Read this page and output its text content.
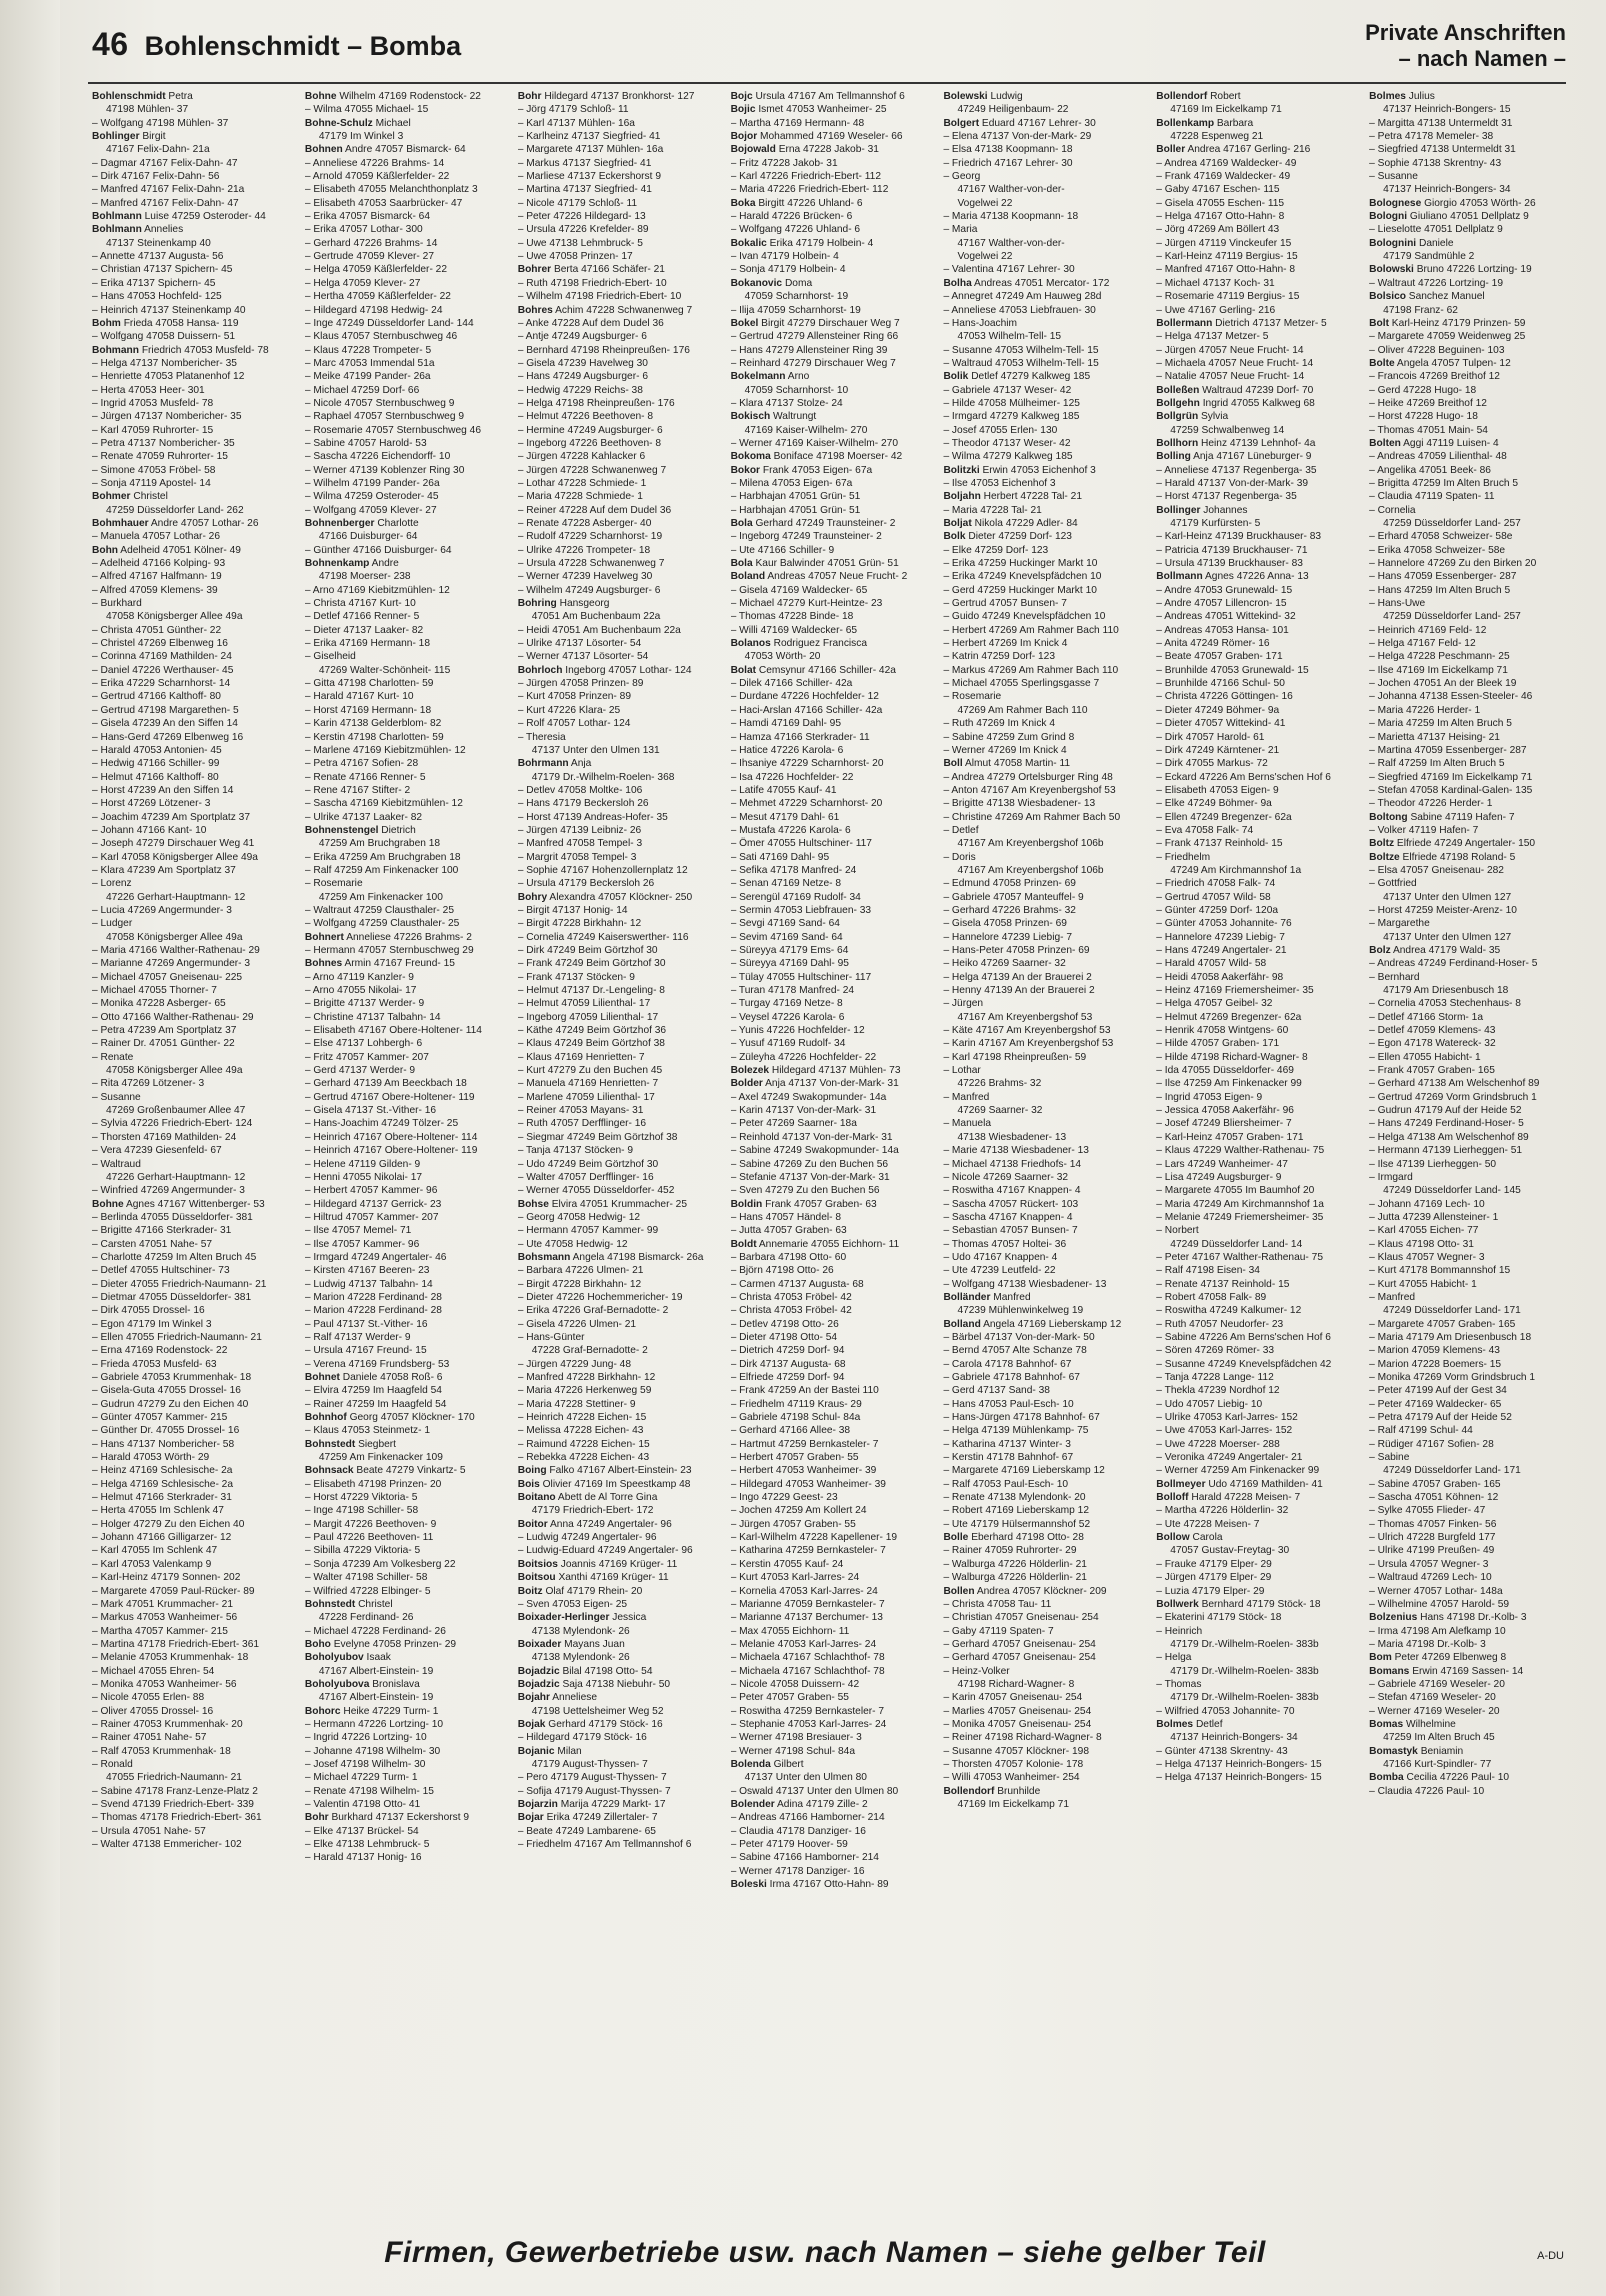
46 Bohlenschmidt – Bomba	Private Anschriften
– nach Namen –
Bohlenschmidt Petra
47198 Mühlen- 37
– Wolfgang 47198 Mühlen- 37
Bohlinger Birgit
47167 Felix-Dahn- 21a
– Dagmar 47167 Felix-Dahn- 47
– Dirk 47167 Felix-Dahn- 56
– Manfred 47167 Felix-Dahn- 21a
– Manfred 47167 Felix-Dahn- 47
Bohlmann Luise 47259 Osteroder- 44
Bohlmann Annelies
47137 Steinenkamp 40
– Annette 47137 Augusta- 56
– Christian 47137 Spichern- 45
– Erika 47137 Spichern- 45
– Hans 47053 Hochfeld- 125
– Heinrich 47137 Steinenkamp 40
Bohm Frieda 47058 Hansa- 119
– Wolfgang 47058 Duissern- 51
Bohmann Friedrich 47053 Musfeld- 78
– Helga 47137 Nombericher- 35
– Henriette 47053 Platanenhof 12
– Herta 47053 Heer- 301
– Ingrid 47053 Musfeld- 78
– Jürgen 47137 Nombericher- 35
– Karl 47059 Ruhrorter- 15
– Petra 47137 Nombericher- 35
– Renate 47059 Ruhrorter- 15
– Simone 47053 Fröbel- 58
– Sonja 47119 Apostel- 14
Bohmer Christel
47259 Düsseldorfer Land- 262
Bohmhauer Andre 47057 Lothar- 26
– Manuela 47057 Lothar- 26
Bohn Adelheid 47051 Kölner- 49
– Adelheid 47166 Kolping- 93
– Alfred 47167 Halfmann- 19
– Alfred 47059 Klemens- 39
– Burkhard
47058 Königsberger Allee 49a
– Christa 47051 Günther- 22
– Christel 47269 Elbenweg 16
– Corinna 47169 Mathilden- 24
– Daniel 47226 Werthauser- 45
– Erika 47229 Scharnhorst- 14
– Gertrud 47166 Kalthoff- 80
– Gertrud 47198 Margarethen- 5
– Gisela 47239 An den Siffen 14
– Hans-Gerd 47269 Elbenweg 16
– Harald 47053 Antonien- 45
– Hedwig 47166 Schiller- 99
– Helmut 47166 Kalthoff- 80
– Horst 47239 An den Siffen 14
– Horst 47269 Lötzener- 3
– Joachim 47239 Am Sportplatz 37
– Johann 47166 Kant- 10
– Joseph 47279 Dirschauer Weg 41
– Karl 47058 Königsberger Allee 49a
– Klara 47239 Am Sportplatz 37
– Lorenz
47226 Gerhart-Hauptmann- 12
– Lucia 47269 Angermunder- 3
– Ludger
47058 Königsberger Allee 49a
– Maria 47166 Walther-Rathenau- 29
– Marianne 47269 Angermunder- 3
– Michael 47057 Gneisenau- 225
– Michael 47055 Thorner- 7
– Monika 47228 Asberger- 65
– Otto 47166 Walther-Rathenau- 29
– Petra 47239 Am Sportplatz 37
– Rainer Dr. 47051 Günther- 22
– Renate
47058 Königsberger Allee 49a
– Rita 47269 Lötzener- 3
– Susanne
47269 Großenbaumer Allee 47
– Sylvia 47226 Friedrich-Ebert- 124
– Thorsten 47169 Mathilden- 24
– Vera 47239 Giesenfeld- 67
– Waltraud
47226 Gerhart-Hauptmann- 12
– Winfried 47269 Angermunder- 3
Bohne Agnes 47167 Wittenberger- 53
– Berlinda 47055 Düsseldorfer- 381
– Brigitte 47166 Sterkrader- 31
– Carsten 47051 Nahe- 57
– Charlotte 47259 Im Alten Bruch 45
– Detlef 47055 Hultschiner- 73
– Dieter 47055 Friedrich-Naumann- 21
– Dietmar 47055 Düsseldorfer- 381
– Dirk 47055 Drossel- 16
– Egon 47179 Im Winkel 3
– Ellen 47055 Friedrich-Naumann- 21
– Erna 47169 Rodenstock- 22
– Frieda 47053 Musfeld- 63
– Gabriele 47053 Krummenhak- 18
– Gisela-Guta 47055 Drossel- 16
– Gudrun 47279 Zu den Eichen 40
– Günter 47057 Kammer- 215
– Günther Dr. 47055 Drossel- 16
– Hans 47137 Nombericher- 58
– Harald 47053 Wörth- 29
– Heinz 47169 Schlesische- 2a
– Helga 47169 Schlesische- 2a
– Helmut 47166 Sterkrader- 31
– Herta 47055 Im Schlenk 47
– Holger 47279 Zu den Eichen 40
– Johann 47166 Gilligarzer- 12
– Karl 47055 Im Schlenk 47
– Karl 47053 Valenkamp 9
– Karl-Heinz 47179 Sonnen- 202
– Margarete 47059 Paul-Rücker- 89
– Mark 47051 Krummacher- 21
– Markus 47053 Wanheimer- 56
– Martha 47057 Kammer- 215
– Martina 47178 Friedrich-Ebert- 361
– Melanie 47053 Krummenhak- 18
– Michael 47055 Ehren- 54
– Monika 47053 Wanheimer- 56
– Nicole 47055 Erlen- 88
– Oliver 47055 Drossel- 16
– Rainer 47053 Krummenhak- 20
– Rainer 47051 Nahe- 57
– Ralf 47053 Krummenhak- 18
– Ronald
47055 Friedrich-Naumann- 21
– Sabine 47178 Franz-Lenze-Platz 2
– Svend 47139 Friedrich-Ebert- 339
– Thomas 47178 Friedrich-Ebert- 361
– Ursula 47051 Nahe- 57
– Walter 47138 Emmericher- 102
Bohne Wilhelm 47169 Rodenstock- 22
– Wilma 47055 Michael- 15
Bohne-Schulz Michael
47179 Im Winkel 3
Bohnen Andre 47057 Bismarck- 64
– Anneliese 47226 Brahms- 14
– Arnold 47059 Käßlerfelder- 22
– Elisabeth 47055 Melanchthonplatz 3
– Elisabeth 47053 Saarbrücker- 47
– Erika 47057 Bismarck- 64
– Erika 47057 Lothar- 300
– Gerhard 47226 Brahms- 14
– Gertrude 47059 Klever- 27
– Helga 47059 Käßlerfelder- 22
– Helga 47059 Klever- 27
– Hertha 47059 Käßlerfelder- 22
– Hildegard 47198 Hedwig- 24
– Inge 47249 Düsseldorfer Land- 144
– Klaus 47057 Sternbuschweg 46
– Klaus 47228 Trompeter- 5
– Marc 47053 Immendal 51a
– Meike 47199 Pander- 26a
– Michael 47259 Dorf- 66
– Nicole 47057 Sternbuschweg 9
– Raphael 47057 Sternbuschweg 9
– Rosemarie 47057 Sternbuschweg 46
– Sabine 47057 Harold- 53
– Sascha 47226 Eichendorff- 10
– Werner 47139 Koblenzer Ring 30
– Wilhelm 47199 Pander- 26a
– Wilma 47259 Osteroder- 45
– Wolfgang 47059 Klever- 27
Bohnenberger Charlotte
47166 Duisburger- 64
– Günther 47166 Duisburger- 64
Bohnenkamp Andre
47198 Moerser- 238
– Arno 47169 Kiebitzmühlen- 12
– Christa 47167 Kurt- 10
– Detlef 47166 Renner- 5
– Dieter 47137 Laaker- 82
– Erika 47169 Hermann- 18
– Giselheid
47269 Walter-Schönheit- 115
– Gitta 47198 Charlotten- 59
– Harald 47167 Kurt- 10
– Horst 47169 Hermann- 18
– Karin 47138 Gelderblom- 82
– Kerstin 47198 Charlotten- 59
– Marlene 47169 Kiebitzmühlen- 12
– Petra 47167 Sofien- 28
– Renate 47166 Renner- 5
– Rene 47167 Stifter- 2
– Sascha 47169 Kiebitzmühlen- 12
– Ulrike 47137 Laaker- 82
Bohnenstengel Dietrich
47259 Am Bruchgraben 18
– Erika 47259 Am Bruchgraben 18
– Ralf 47259 Am Finkenacker 100
– Rosemarie
47259 Am Finkenacker 100
– Waltraut 47259 Clausthaler- 25
– Wolfgang 47259 Clausthaler- 25
Bohnert Anneliese 47226 Brahms- 2
– Hermann 47057 Sternbuschweg 29
Bohnes Armin 47167 Freund- 15
– Arno 47119 Kanzler- 9
– Arno 47055 Nikolai- 17
– Brigitte 47137 Werder- 9
– Christine 47137 Talbahn- 14
– Elisabeth 47167 Obere-Holtener- 114
– Else 47137 Lohbergh- 6
– Fritz 47057 Kammer- 207
– Gerd 47137 Werder- 9
– Gerhard 47139 Am Beeckbach 18
– Gertrud 47167 Obere-Holtener- 119
– Gisela 47137 St.-Vither- 16
– Hans-Joachim 47249 Tölzer- 25
– Heinrich 47167 Obere-Holtener- 114
– Heinrich 47167 Obere-Holtener- 119
– Helene 47119 Gilden- 9
– Henni 47055 Nikolai- 17
– Herbert 47057 Kammer- 96
– Hildegard 47137 Gerrick- 23
– Hiltrud 47057 Kammer- 207
– Ilse 47057 Memel- 71
– Ilse 47057 Kammer- 96
– Irmgard 47249 Angertaler- 46
– Kirsten 47167 Beeren- 23
– Ludwig 47137 Talbahn- 14
– Marion 47228 Ferdinand- 28
– Marion 47228 Ferdinand- 28
– Paul 47137 St.-Vither- 16
– Ralf 47137 Werder- 9
– Ursula 47167 Freund- 15
– Verena 47169 Frundsberg- 53
Bohnet Daniele 47058 Roß- 6
– Elvira 47259 Im Haagfeld 54
– Rainer 47259 Im Haagfeld 54
Bohnhof Georg 47057 Klöckner- 170
– Klaus 47053 Steinmetz- 1
Bohnstedt Siegbert
47259 Am Finkenacker 109
Bohnsack Beate 47279 Vinkartz- 5
– Elisabeth 47198 Prinzen- 20
– Horst 47229 Viktoria- 5
– Inge 47198 Schiller- 58
– Margit 47226 Beethoven- 9
– Paul 47226 Beethoven- 11
– Sibilla 47229 Viktoria- 5
– Sonja 47239 Am Volkesberg 22
– Walter 47198 Schiller- 58
– Wilfried 47228 Elbinger- 5
Bohnstedt Christel
47228 Ferdinand- 26
– Michael 47228 Ferdinand- 26
Boho Evelyne 47058 Prinzen- 29
Boholyubov Isaak
47167 Albert-Einstein- 19
Boholyubova Bronislava
47167 Albert-Einstein- 19
Bohorc Heike 47229 Turm- 1
– Hermann 47226 Lortzing- 10
– Ingrid 47226 Lortzing- 10
– Johanne 47198 Wilhelm- 30
– Josef 47198 Wilhelm- 30
– Michael 47229 Turm- 1
– Renate 47198 Wilhelm- 15
– Valentin 47198 Otto- 41
Bohr Burkhard 47137 Eckershorst 9
– Elke 47137 Brückel- 54
– Elke 47138 Lehmbruck- 5
– Harald 47137 Honig- 16
Bohr Hildegard 47137 Bronkhorst- 127
– Jörg 47179 Schloß- 11
– Karl 47137 Mühlen- 16a
– Karlheinz 47137 Siegfried- 41
– Margarete 47137 Mühlen- 16a
– Markus 47137 Siegfried- 41
– Marliese 47137 Eckershorst 9
– Martina 47137 Siegfried- 41
– Nicole 47179 Schloß- 11
– Peter 47226 Hildegard- 13
– Ursula 47226 Krefelder- 89
– Uwe 47138 Lehmbruck- 5
– Uwe 47058 Prinzen- 17
Bohrer Berta 47166 Schäfer- 21
– Ruth 47198 Friedrich-Ebert- 10
– Wilhelm 47198 Friedrich-Ebert- 10
Bohres Achim 47228 Schwanenweg 7
– Anke 47228 Auf dem Dudel 36
– Antje 47249 Augsburger- 6
– Bernhard 47198 Rheinpreußen- 176
– Gisela 47239 Havelweg 30
– Hans 47249 Augsburger- 6
– Hedwig 47229 Reichs- 38
– Helga 47198 Rheinpreußen- 176
– Helmut 47226 Beethoven- 8
– Hermine 47249 Augsburger- 6
– Ingeborg 47226 Beethoven- 8
– Jürgen 47228 Kahlacker 6
– Jürgen 47228 Schwanenweg 7
– Lothar 47228 Schmiede- 1
– Maria 47228 Schmiede- 1
– Reiner 47228 Auf dem Dudel 36
– Renate 47228 Asberger- 40
– Rudolf 47229 Scharnhorst- 19
– Ulrike 47226 Trompeter- 18
– Ursula 47228 Schwanenweg 7
– Werner 47239 Havelweg 30
– Wilhelm 47249 Augsburger- 6
Bohring Hansgeorg
47051 Am Buchenbaum 22a
– Heidi 47051 Am Buchenbaum 22a
– Ulrike 47137 Lösorter- 54
– Werner 47137 Lösorter- 54
Bohrloch Ingeborg 47057 Lothar- 124
– Jürgen 47058 Prinzen- 89
– Kurt 47058 Prinzen- 89
– Kurt 47226 Klara- 25
– Rolf 47057 Lothar- 124
– Theresia
47137 Unter den Ulmen 131
Bohrmann Anja
47179 Dr.-Wilhelm-Roelen- 368
– Detlev 47058 Moltke- 106
– Hans 47179 Beckersloh 26
– Horst 47139 Andreas-Hofer- 35
– Jürgen 47139 Leibniz- 26
– Manfred 47058 Tempel- 3
– Margrit 47058 Tempel- 3
– Sophie 47167 Hohenzollernplatz 12
– Ursula 47179 Beckersloh 26
Bohry Alexandra 47057 Klöckner- 250
– Birgit 47137 Honig- 14
– Birgit 47228 Birkhahn- 12
– Cornelia 47249 Kaiserswerther- 116
– Dirk 47249 Beim Görtzhof 30
– Frank 47249 Beim Görtzhof 30
– Frank 47137 Stöcken- 9
– Helmut 47137 Dr.-Lengeling- 8
– Helmut 47059 Lilienthal- 17
– Ingeborg 47059 Lilienthal- 17
– Käthe 47249 Beim Görtzhof 36
– Klaus 47249 Beim Görtzhof 38
– Klaus 47169 Henrietten- 7
– Kurt 47279 Zu den Buchen 45
– Manuela 47169 Henrietten- 7
– Marlene 47059 Lilienthal- 17
– Reiner 47053 Mayans- 31
– Ruth 47057 Derfflinger- 16
– Siegmar 47249 Beim Görtzhof 38
– Tanja 47137 Stöcken- 9
– Udo 47249 Beim Görtzhof 30
– Walter 47057 Derfflinger- 16
– Werner 47055 Düsseldorfer- 452
Bohse Elvira 47051 Krummacher- 25
– Georg 47058 Hedwig- 12
– Hermann 47057 Kammer- 99
– Ute 47058 Hedwig- 12
Bohsmann Angela 47198 Bismarck- 26a
– Barbara 47226 Ulmen- 21
– Birgit 47228 Birkhahn- 12
– Dieter 47226 Hochemmericher- 19
– Erika 47226 Graf-Bernadotte- 2
– Gisela 47226 Ulmen- 21
– Hans-Günter
47228 Graf-Bernadotte- 2
– Jürgen 47229 Jung- 48
– Manfred 47228 Birkhahn- 12
– Maria 47226 Herkenweg 59
– Maria 47228 Stettiner- 9
– Heinrich 47228 Eichen- 15
– Melissa 47228 Eichen- 43
– Raimund 47228 Eichen- 15
– Rebekka 47228 Eichen- 43
Boing Falko 47167 Albert-Einstein- 23
Bois Olivier 47169 Im Speestkamp 48
Boitano Abett de Al Torre Gina
47179 Friedrich-Ebert- 172
Boitor Anna 47249 Angertaler- 96
– Ludwig 47249 Angertaler- 96
– Ludwig-Eduard 47249 Angertaler- 96
Boitsios Joannis 47169 Krüger- 11
Boitsou Xanthi 47169 Krüger- 11
Boitz Olaf 47179 Rhein- 20
– Sven 47053 Eigen- 25
Boixader-Herlinger Jessica
47138 Mylendonk- 26
Boixader Mayans Juan
47138 Mylendonk- 26
Bojadzic Bilal 47198 Otto- 54
Bojadzic Saja 47138 Niebuhr- 50
Bojahr Anneliese
47198 Uettelsheimer Weg 52
Bojak Gerhard 47179 Stöck- 16
– Hildegard 47179 Stöck- 16
Bojanic Milan
47179 August-Thyssen- 7
– Pero 47179 August-Thyssen- 7
– Sofija 47179 August-Thyssen- 7
Bojarzin Marija 47229 Markt- 17
Bojar Erika 47249 Zillertaler- 7
– Beate 47249 Lambarene- 65
– Friedhelm 47167 Am Tellmannshof 6
Bojc Ursula 47167 Am Tellmannshof 6
Bojic Ismet 47053 Wanheimer- 25
– Martha 47169 Hermann- 48
Bojor Mohammed 47169 Weseler- 66
Bojowald Erna 47228 Jakob- 31
– Fritz 47228 Jakob- 31
– Karl 47226 Friedrich-Ebert- 112
– Maria 47226 Friedrich-Ebert- 112
Boka Birgitt 47226 Uhland- 6
– Harald 47226 Brücken- 6
– Wolfgang 47226 Uhland- 6
Bokalic Erika 47179 Holbein- 4
– Ivan 47179 Holbein- 4
– Sonja 47179 Holbein- 4
Bokanovic Doma
47059 Scharnhorst- 19
– Ilija 47059 Scharnhorst- 19
Bokel Birgit 47279 Dirschauer Weg 7
– Gertrud 47279 Allensteiner Ring 66
– Hans 47279 Allensteiner Ring 39
– Reinhard 47279 Dirschauer Weg 7
Bokelmann Arno
47059 Scharnhorst- 10
– Klara 47137 Stolze- 24
Bokisch Waltrungt
47169 Kaiser-Wilhelm- 270
– Werner 47169 Kaiser-Wilhelm- 270
Bokoma Boniface 47198 Moerser- 42
Bokor Frank 47053 Eigen- 67a
– Milena 47053 Eigen- 67a
– Harbhajan 47051 Grün- 51
– Harbhajan 47051 Grün- 51
Bola Gerhard 47249 Traunsteiner- 2
– Ingeborg 47249 Traunsteiner- 2
– Ute 47166 Schiller- 9
Bola Kaur Balwinder 47051 Grün- 51
Boland Andreas 47057 Neue Frucht- 2
– Gisela 47169 Waldecker- 65
– Michael 47279 Kurt-Heintze- 23
– Thomas 47228 Binde- 18
– Willi 47169 Waldecker- 65
Bolanos Rodriguez Francisca
47053 Wörth- 20
Bolat Cemsynur 47166 Schiller- 42a
– Dilek 47166 Schiller- 42a
– Durdane 47226 Hochfelder- 12
– Haci-Arslan 47166 Schiller- 42a
– Hamdi 47169 Dahl- 95
– Hamza 47166 Sterkrader- 11
– Hatice 47226 Karola- 6
– Ihsaniye 47229 Scharnhorst- 20
– Isa 47226 Hochfelder- 22
– Latife 47055 Kauf- 41
– Mehmet 47229 Scharnhorst- 20
– Mesut 47179 Dahl- 61
– Mustafa 47226 Karola- 6
– Ömer 47055 Hultschiner- 117
– Sati 47169 Dahl- 95
– Sefika 47178 Manfred- 24
– Senan 47169 Netze- 8
– Serengül 47169 Rudolf- 34
– Sermin 47053 Liebfrauen- 33
– Sevgi 47169 Sand- 64
– Sevim 47169 Sand- 64
– Süreyya 47179 Ems- 64
– Süreyya 47169 Dahl- 95
– Tülay 47055 Hultschiner- 117
– Turan 47178 Manfred- 24
– Turgay 47169 Netze- 8
– Veysel 47226 Karola- 6
– Yunis 47226 Hochfelder- 12
– Yusuf 47169 Rudolf- 34
– Züleyha 47226 Hochfelder- 22
Bolezek Hildegard 47137 Mühlen- 73
Bolder Anja 47137 Von-der-Mark- 31
– Axel 47249 Swakopmunder- 14a
– Karin 47137 Von-der-Mark- 31
– Peter 47269 Saarner- 18a
– Reinhold 47137 Von-der-Mark- 31
– Sabine 47249 Swakopmunder- 14a
– Sabine 47269 Zu den Buchen 56
– Stefanie 47137 Von-der-Mark- 31
– Sven 47279 Zu den Buchen 56
Boldin Frank 47057 Graben- 63
– Hans 47057 Händel- 8
– Jutta 47057 Graben- 63
Boldt Annemarie 47055 Eichhorn- 11
– Barbara 47198 Otto- 60
– Björn 47198 Otto- 26
– Carmen 47137 Augusta- 68
– Christa 47053 Fröbel- 42
– Christa 47053 Fröbel- 42
– Detlev 47198 Otto- 26
– Dieter 47198 Otto- 54
– Dietrich 47259 Dorf- 94
– Dirk 47137 Augusta- 68
– Elfriede 47259 Dorf- 94
– Frank 47259 An der Bastei 110
– Friedhelm 47119 Kraus- 29
– Gabriele 47198 Schul- 84a
– Gerhard 47166 Allee- 38
– Hartmut 47259 Bernkasteler- 7
– Herbert 47057 Graben- 55
– Herbert 47053 Wanheimer- 39
– Hildegard 47053 Wanheimer- 39
– Ingo 47229 Geest- 23
– Jochen 47259 Am Kollert 24
– Jürgen 47057 Graben- 55
– Karl-Wilhelm 47228 Kapellener- 19
– Katharina 47259 Bernkasteler- 7
– Kerstin 47055 Kauf- 24
– Kurt 47053 Karl-Jarres- 24
– Kornelia 47053 Karl-Jarres- 24
– Marianne 47059 Bernkasteler- 7
– Marianne 47137 Berchumer- 13
– Max 47055 Eichhorn- 11
– Melanie 47053 Karl-Jarres- 24
– Michaela 47167 Schlachthof- 78
– Michaela 47167 Schlachthof- 78
– Nicole 47058 Duissern- 42
– Peter 47057 Graben- 55
– Roswitha 47259 Bernkasteler- 7
– Stephanie 47053 Karl-Jarres- 24
– Werner 47198 Bresiauer- 3
– Werner 47198 Schul- 84a
Bolenda Gilbert
47137 Unter den Ulmen 80
– Oswald 47137 Unter den Ulmen 80
Bolender Adina 47179 Zille- 2
– Andreas 47166 Hamborner- 214
– Claudia 47178 Danziger- 16
– Peter 47179 Hoover- 59
– Sabine 47166 Hamborner- 214
– Werner 47178 Danziger- 16
Boleski Irma 47167 Otto-Hahn- 89
Bolewski Ludwig
47249 Heiligenbaum- 22
Bolgert Eduard 47167 Lehrer- 30
– Elena 47137 Von-der-Mark- 29
– Elsa 47138 Koopmann- 18
– Friedrich 47167 Lehrer- 30
– Georg
47167 Walther-von-der-
Vogelwei 22
– Maria 47138 Koopmann- 18
– Maria
47167 Walther-von-der-
Vogelwei 22
– Valentina 47167 Lehrer- 30
Bolha Andreas 47051 Mercator- 172
– Annegret 47249 Am Hauweg 28d
– Anneliese 47053 Liebfrauen- 30
– Hans-Joachim
47053 Wilhelm-Tell- 15
– Susanne 47053 Wilhelm-Tell- 15
– Waltraud 47053 Wilhelm-Tell- 15
Bolik Detlef 47279 Kalkweg 185
– Gabriele 47137 Weser- 42
– Hilde 47058 Mülheimer- 125
– Irmgard 47279 Kalkweg 185
– Josef 47055 Erlen- 130
– Theodor 47137 Weser- 42
– Wilma 47279 Kalkweg 185
Bolitzki Erwin 47053 Eichenhof 3
– Ilse 47053 Eichenhof 3
Boljahn Herbert 47228 Tal- 21
– Maria 47228 Tal- 21
Boljat Nikola 47229 Adler- 84
Bolk Dieter 47259 Dorf- 123
– Elke 47259 Dorf- 123
– Erika 47259 Huckinger Markt 10
– Erika 47249 Knevelspfädchen 10
– Gerd 47259 Huckinger Markt 10
– Gertrud 47057 Bunsen- 7
– Guido 47249 Knevelspfädchen 10
– Herbert 47269 Am Rahmer Bach 110
– Herbert 47269 Im Knick 4
– Katrin 47259 Dorf- 123
– Markus 47269 Am Rahmer Bach 110
– Michael 47055 Sperlingsgasse 7
– Rosemarie
47269 Am Rahmer Bach 110
– Ruth 47269 Im Knick 4
– Sabine 47259 Zum Grind 8
– Werner 47269 Im Knick 4
Boll Almut 47058 Martin- 11
– Andrea 47279 Ortelsburger Ring 48
– Anton 47167 Am Kreyenbergshof 53
– Brigitte 47138 Wiesbadener- 13
– Christine 47269 Am Rahmer Bach 50
– Detlef
47167 Am Kreyenbergshof 106b
– Doris
47167 Am Kreyenbergshof 106b
– Edmund 47058 Prinzen- 69
– Gabriele 47057 Manteuffel- 9
– Gerhard 47226 Brahms- 32
– Gisela 47058 Prinzen- 69
– Hannelore 47239 Liebig- 7
– Hans-Peter 47058 Prinzen- 69
– Heiko 47269 Saarner- 32
– Helga 47139 An der Brauerei 2
– Henny 47139 An der Brauerei 2
– Jürgen
47167 Am Kreyenbergshof 53
– Käte 47167 Am Kreyenbergshof 53
– Karin 47167 Am Kreyenbergshof 53
– Karl 47198 Rheinpreußen- 59
– Lothar
47226 Brahms- 32
– Manfred
47269 Saarner- 32
– Manuela
47138 Wiesbadener- 13
– Marie 47138 Wiesbadener- 13
– Michael 47138 Friedhofs- 14
– Nicole 47269 Saarner- 32
– Roswitha 47167 Knappen- 4
– Sascha 47057 Rückert- 103
– Sascha 47167 Knappen- 4
– Sebastian 47057 Bunsen- 7
– Thomas 47057 Holtei- 36
– Udo 47167 Knappen- 4
– Ute 47239 Leutfeld- 22
– Wolfgang 47138 Wiesbadener- 13
Bolländer Manfred
47239 Mühlenwinkelweg 19
Bolland Angela 47169 Lieberskamp 12
– Bärbel 47137 Von-der-Mark- 50
– Bernd 47057 Alte Schanze 78
– Carola 47178 Bahnhof- 67
– Gabriele 47178 Bahnhof- 67
– Gerd 47137 Sand- 38
– Hans 47053 Paul-Esch- 10
– Hans-Jürgen 47178 Bahnhof- 67
– Helga 47139 Mühlenkamp- 75
– Katharina 47137 Winter- 3
– Kerstin 47178 Bahnhof- 67
– Margarete 47169 Lieberskamp 12
– Ralf 47053 Paul-Esch- 10
– Renate 47138 Mylendonk- 20
– Robert 47169 Lieberskamp 12
– Ute 47179 Hülsermannshof 52
Bolle Eberhard 47198 Otto- 28
– Rainer 47059 Ruhrorter- 29
– Walburga 47226 Hölderlin- 21
– Walburga 47226 Hölderlin- 21
Bollen Andrea 47057 Klöckner- 209
– Christa 47058 Tau- 11
– Christian 47057 Gneisenau- 254
– Gaby 47119 Spaten- 7
– Gerhard 47057 Gneisenau- 254
– Gerhard 47057 Gneisenau- 254
– Heinz-Volker
47198 Richard-Wagner- 8
– Karin 47057 Gneisenau- 254
– Marlies 47057 Gneisenau- 254
– Monika 47057 Gneisenau- 254
– Reiner 47198 Richard-Wagner- 8
– Susanne 47057 Klöckner- 198
– Thorsten 47057 Kolonie- 178
– Willi 47053 Wanheimer- 254
Bollendorf Brunhilde
47169 Im Eickelkamp 71
Bollendorf Robert
47169 Im Eickelkamp 71
Bollenkamp Barbara
47228 Espenweg 21
Boller Andrea 47167 Gerling- 216
– Andrea 47169 Waldecker- 49
– Frank 47169 Waldecker- 49
– Gaby 47167 Eschen- 115
– Gisela 47055 Eschen- 115
– Helga 47167 Otto-Hahn- 8
– Jörg 47269 Am Böllert 43
– Jürgen 47119 Vinckeufer 15
– Karl-Heinz 47119 Bergius- 15
– Manfred 47167 Otto-Hahn- 8
– Michael 47137 Koch- 31
– Rosemarie 47119 Bergius- 15
– Uwe 47167 Gerling- 216
Bollermann Dietrich 47137 Metzer- 5
– Helga 47137 Metzer- 5
– Jürgen 47057 Neue Frucht- 14
– Michaela 47057 Neue Frucht- 14
– Natalie 47057 Neue Frucht- 14
Bolleßen Waltraud 47239 Dorf- 70
Bollgehn Ingrid 47055 Kalkweg 68
Bollgrün Sylvia
47259 Schwalbenweg 14
Bollhorn Heinz 47139 Lehnhof- 4a
Bolling Anja 47167 Lüneburger- 9
– Anneliese 47137 Regenberga- 35
– Harald 47137 Von-der-Mark- 39
– Horst 47137 Regenberga- 35
Bollinger Johannes
47179 Kurfürsten- 5
– Karl-Heinz 47139 Bruckhauser- 83
– Patricia 47139 Bruckhauser- 71
– Ursula 47139 Bruckhauser- 83
Bollmann Agnes 47226 Anna- 13
– Andre 47053 Grunewald- 15
– Andre 47057 Lillencron- 15
– Andreas 47051 Wittekind- 32
– Andreas 47053 Hansa- 101
– Anita 47249 Römer- 16
– Beate 47057 Graben- 171
– Brunhilde 47053 Grunewald- 15
– Brunhilde 47166 Schul- 50
– Christa 47226 Göttingen- 16
– Dieter 47249 Böhmer- 9a
– Dieter 47057 Wittekind- 41
– Dirk 47057 Harold- 61
– Dirk 47249 Kärntener- 21
– Dirk 47055 Markus- 72
– Eckard 47226 Am Berns'schen Hof 6
– Elisabeth 47053 Eigen- 9
– Elke 47249 Böhmer- 9a
– Ellen 47249 Bregenzer- 62a
– Eva 47058 Falk- 74
– Frank 47137 Reinhold- 15
– Friedhelm
47249 Am Kirchmannshof 1a
– Friedrich 47058 Falk- 74
– Gertrud 47057 Wild- 58
– Günter 47259 Dorf- 120a
– Günter 47053 Johannite- 76
– Hannelore 47239 Liebig- 7
– Hans 47249 Angertaler- 21
– Harald 47057 Wild- 58
– Heidi 47058 Aakerfähr- 98
– Heinz 47169 Friemersheimer- 35
– Helga 47057 Geibel- 32
– Helmut 47269 Bregenzer- 62a
– Henrik 47058 Wintgens- 60
– Hilde 47057 Graben- 171
– Hilde 47198 Richard-Wagner- 8
– Ida 47055 Düsseldorfer- 469
– Ilse 47259 Am Finkenacker 99
– Ingrid 47053 Eigen- 9
– Jessica 47058 Aakerfähr- 96
– Josef 47249 Bliersheimer- 7
– Karl-Heinz 47057 Graben- 171
– Klaus 47229 Walther-Rathenau- 75
– Lars 47249 Wanheimer- 47
– Lisa 47249 Augsburger- 9
– Margarete 47055 Im Baumhof 20
– Maria 47249 Am Kirchmannshof 1a
– Melanie 47249 Friemersheimer- 35
– Norbert
47249 Düsseldorfer Land- 14
– Peter 47167 Walther-Rathenau- 75
– Ralf 47198 Eisen- 34
– Renate 47137 Reinhold- 15
– Robert 47058 Falk- 89
– Roswitha 47249 Kalkumer- 12
– Ruth 47057 Neudorfer- 23
– Sabine 47226 Am Berns'schen Hof 6
– Sören 47269 Römer- 33
– Susanne 47249 Knevelspfädchen 42
– Tanja 47228 Lange- 112
– Thekla 47239 Nordhof 12
– Udo 47057 Liebig- 10
– Ulrike 47053 Karl-Jarres- 152
– Uwe 47053 Karl-Jarres- 152
– Uwe 47228 Moerser- 288
– Veronika 47249 Angertaler- 21
– Werner 47259 Am Finkenacker 99
Bollmeyer Udo 47169 Mathilden- 41
Bolloff Harald 47228 Meisen- 7
– Martha 47226 Hölderlin- 32
– Ute 47228 Meisen- 7
Bollow Carola
47057 Gustav-Freytag- 30
– Frauke 47179 Elper- 29
– Jürgen 47179 Elper- 29
– Luzia 47179 Elper- 29
Bollwerk Bernhard 47179 Stöck- 18
– Ekaterini 47179 Stöck- 18
– Heinrich
47179 Dr.-Wilhelm-Roelen- 383b
– Helga
47179 Dr.-Wilhelm-Roelen- 383b
– Thomas
47179 Dr.-Wilhelm-Roelen- 383b
– Wilfried 47053 Johannite- 70
Bolmes Detlef
47137 Heinrich-Bongers- 34
– Günter 47138 Skrentny- 43
– Helga 47137 Heinrich-Bongers- 15
– Helga 47137 Heinrich-Bongers- 15
Bolmes Julius
47137 Heinrich-Bongers- 15
– Margitta 47138 Untermeldt 31
– Petra 47178 Memeler- 38
– Siegfried 47138 Untermeldt 31
– Sophie 47138 Skrentny- 43
– Susanne
47137 Heinrich-Bongers- 34
Bolognese Giorgio 47053 Wörth- 26
Bologni Giuliano 47051 Dellplatz 9
– Lieselotte 47051 Dellplatz 9
Bolognini Daniele
47179 Sandmühle 2
Bolowski Bruno 47226 Lortzing- 19
– Waltraut 47226 Lortzing- 19
Bolsico Sanchez Manuel
47198 Franz- 62
Bolt Karl-Heinz 47179 Prinzen- 59
– Margarete 47059 Weidenweg 25
– Oliver 47228 Beguinen- 103
Bolte Angela 47057 Tulpen- 12
– Francois 47269 Breithof 12
– Gerd 47228 Hugo- 18
– Heike 47269 Breithof 12
– Horst 47228 Hugo- 18
– Thomas 47051 Main- 54
Bolten Aggi 47119 Luisen- 4
– Andreas 47059 Lilienthal- 48
– Angelika 47051 Beek- 86
– Brigitta 47259 Im Alten Bruch 5
– Claudia 47119 Spaten- 11
– Cornelia
47259 Düsseldorfer Land- 257
– Erhard 47058 Schweizer- 58e
– Erika 47058 Schweizer- 58e
– Hannelore 47269 Zu den Birken 20
– Hans 47059 Essenberger- 287
– Hans 47259 Im Alten Bruch 5
– Hans-Uwe
47259 Düsseldorfer Land- 257
– Heinrich 47169 Feld- 12
– Helga 47167 Feld- 12
– Helga 47228 Peschmann- 25
– Ilse 47169 Im Eickelkamp 71
– Jochen 47051 An der Bleek 19
– Johanna 47138 Essen-Steeler- 46
– Maria 47226 Herder- 1
– Maria 47259 Im Alten Bruch 5
– Marietta 47137 Heising- 21
– Martina 47059 Essenberger- 287
– Ralf 47259 Im Alten Bruch 5
– Siegfried 47169 Im Eickelkamp 71
– Stefan 47058 Kardinal-Galen- 135
– Theodor 47226 Herder- 1
Boltong Sabine 47119 Hafen- 7
– Volker 47119 Hafen- 7
Boltz Elfriede 47249 Angertaler- 150
Boltze Elfriede 47198 Roland- 5
– Elsa 47057 Gneisenau- 282
– Gottfried
47137 Unter den Ulmen 127
– Horst 47259 Meister-Arenz- 10
– Margarethe
47137 Unter den Ulmen 127
Bolz Andrea 47179 Wald- 35
– Andreas 47249 Ferdinand-Hoser- 5
– Bernhard
47179 Am Driesenbusch 18
– Cornelia 47053 Stechenhaus- 8
– Detlef 47166 Storm- 1a
– Detlef 47059 Klemens- 43
– Egon 47178 Watereck- 32
– Ellen 47055 Habicht- 1
– Frank 47057 Graben- 165
– Gerhard 47138 Am Welschenhof 89
– Gertrud 47269 Vorm Grindsbruch 1
– Gudrun 47179 Auf der Heide 52
– Hans 47249 Ferdinand-Hoser- 5
– Helga 47138 Am Welschenhof 89
– Hermann 47139 Lierheggen- 51
– Ilse 47139 Lierheggen- 50
– Irmgard
47249 Düsseldorfer Land- 145
– Johann 47169 Lech- 10
– Jutta 47239 Allensteiner- 1
– Karl 47055 Eichen- 77
– Klaus 47198 Otto- 31
– Klaus 47057 Wegner- 3
– Kurt 47178 Bommannshof 15
– Kurt 47055 Habicht- 1
– Manfred
47249 Düsseldorfer Land- 171
– Margarete 47057 Graben- 165
– Maria 47179 Am Driesenbusch 18
– Marion 47059 Klemens- 43
– Marion 47228 Boemers- 15
– Monika 47269 Vorm Grindsbruch 1
– Peter 47199 Auf der Gest 34
– Peter 47169 Waldecker- 65
– Petra 47179 Auf der Heide 52
– Ralf 47199 Schul- 44
– Rüdiger 47167 Sofien- 28
– Sabine
47249 Düsseldorfer Land- 171
– Sabine 47057 Graben- 165
– Sascha 47051 Köhnen- 12
– Sylke 47055 Flieder- 47
– Thomas 47057 Finken- 56
– Ulrich 47228 Burgfeld 177
– Ulrike 47199 Preußen- 49
– Ursula 47057 Wegner- 3
– Waltraud 47269 Lech- 10
– Werner 47057 Lothar- 148a
– Wilhelmine 47057 Harold- 59
Bolzenius Hans 47198 Dr.-Kolb- 3
– Irma 47198 Am Alefkamp 10
– Maria 47198 Dr.-Kolb- 3
Bom Peter 47269 Elbenweg 8
Bomans Erwin 47169 Sassen- 14
– Gabriele 47169 Weseler- 20
– Stefan 47169 Weseler- 20
– Werner 47169 Weseler- 20
Bomas Wilhelmine
47259 Im Alten Bruch 45
Bomastyk Beniamin
47166 Kurt-Spindler- 77
Bomba Cecilia 47226 Paul- 10
– Claudia 47226 Paul- 10
Firmen, Gewerbetriebe usw. nach Namen – siehe gelber Teil	A-DU
